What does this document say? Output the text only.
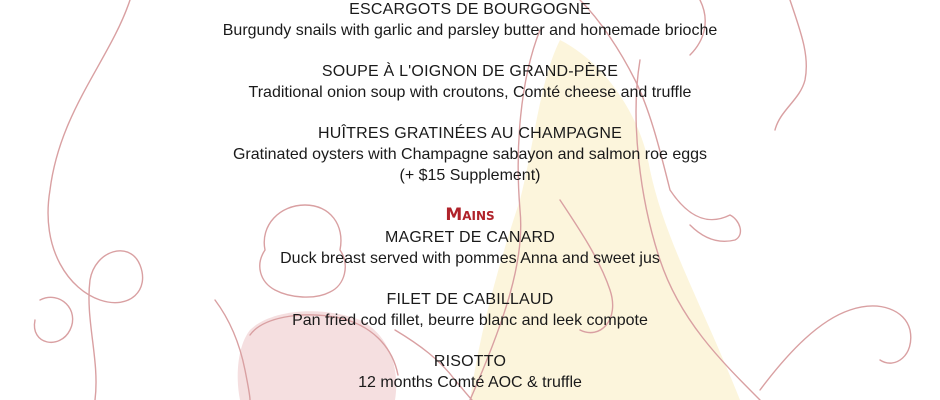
ESCARGOTS DE BOURGOGNE

Burgundy snails with garlic and parsley butter and homemade brioche

SOUPE À L'OIGNON DE GRAND-PÈRE

Traditional onion soup with croutons, Comté cheese and truffle

HUÎTRES GRATINÉES AU CHAMPAGNE

Gratinated oysters with Champagne sabayon and salmon roe eggs

(+ $15 Supplement)

Mains

MAGRET DE CANARD

Duck breast served with pommes Anna and sweet jus

FILET DE CABILLAUD

Pan fried cod fillet, beurre blanc and leek compote

RISOTTO

12 months Comté AOC & truffle
